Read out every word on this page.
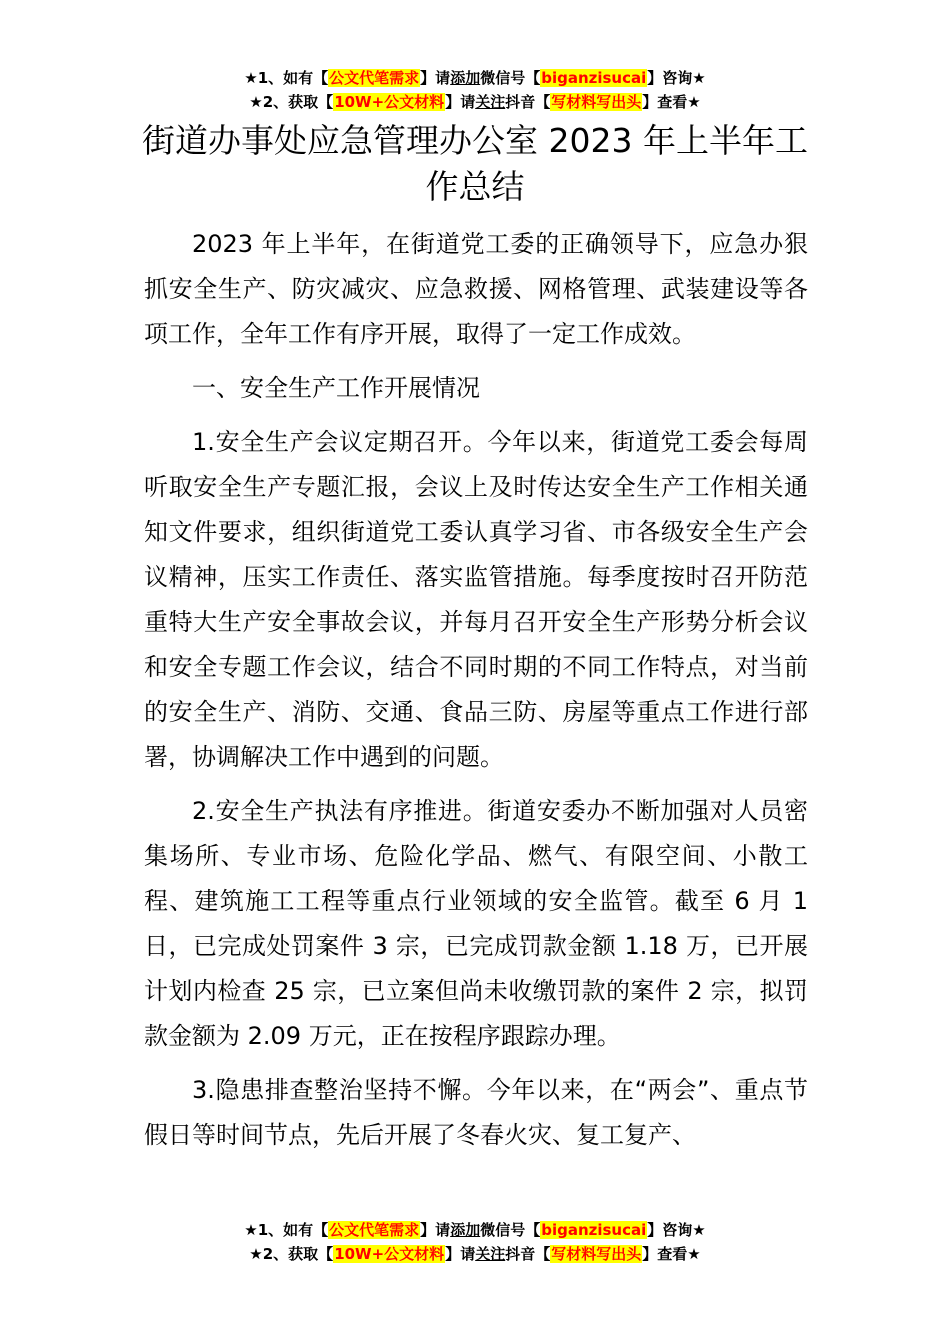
★1、如有【公文代笔需求】请添加微信号【biganzisucai】咨询★
★2、获取【10W+公文材料】请关注抖音【写材料写出头】查看★
街道办事处应急管理办公室 2023 年上半年工作总结

2023 年上半年，在街道党工委的正确领导下，应急办狠抓安全生产、防灾减灾、应急救援、网格管理、武装建设等各项工作，全年工作有序开展，取得了一定工作成效。

一、安全生产工作开展情况

1.安全生产会议定期召开。今年以来，街道党工委会每周听取安全生产专题汇报，会议上及时传达安全生产工作相关通知文件要求，组织街道党工委认真学习省、市各级安全生产会议精神，压实工作责任、落实监管措施。每季度按时召开防范重特大生产安全事故会议，并每月召开安全生产形势分析会议和安全专题工作会议，结合不同时期的不同工作特点，对当前的安全生产、消防、交通、食品三防、房屋等重点工作进行部署，协调解决工作中遇到的问题。

2.安全生产执法有序推进。街道安委办不断加强对人员密集场所、专业市场、危险化学品、燃气、有限空间、小散工程、建筑施工工程等重点行业领域的安全监管。截至 6 月 1 日，已完成处罚案件 3 宗，已完成罚款金额 1.18 万，已开展计划内检查 25 宗，已立案但尚未收缴罚款的案件 2 宗，拟罚款金额为 2.09 万元，正在按程序跟踪办理。

3.隐患排查整治坚持不懈。今年以来，在“两会”、重点节假日等时间节点，先后开展了冬春火灾、复工复产、

★1、如有【公文代笔需求】请添加微信号【biganzisucai】咨询★
★2、获取【10W+公文材料】请关注抖音【写材料写出头】查看★
